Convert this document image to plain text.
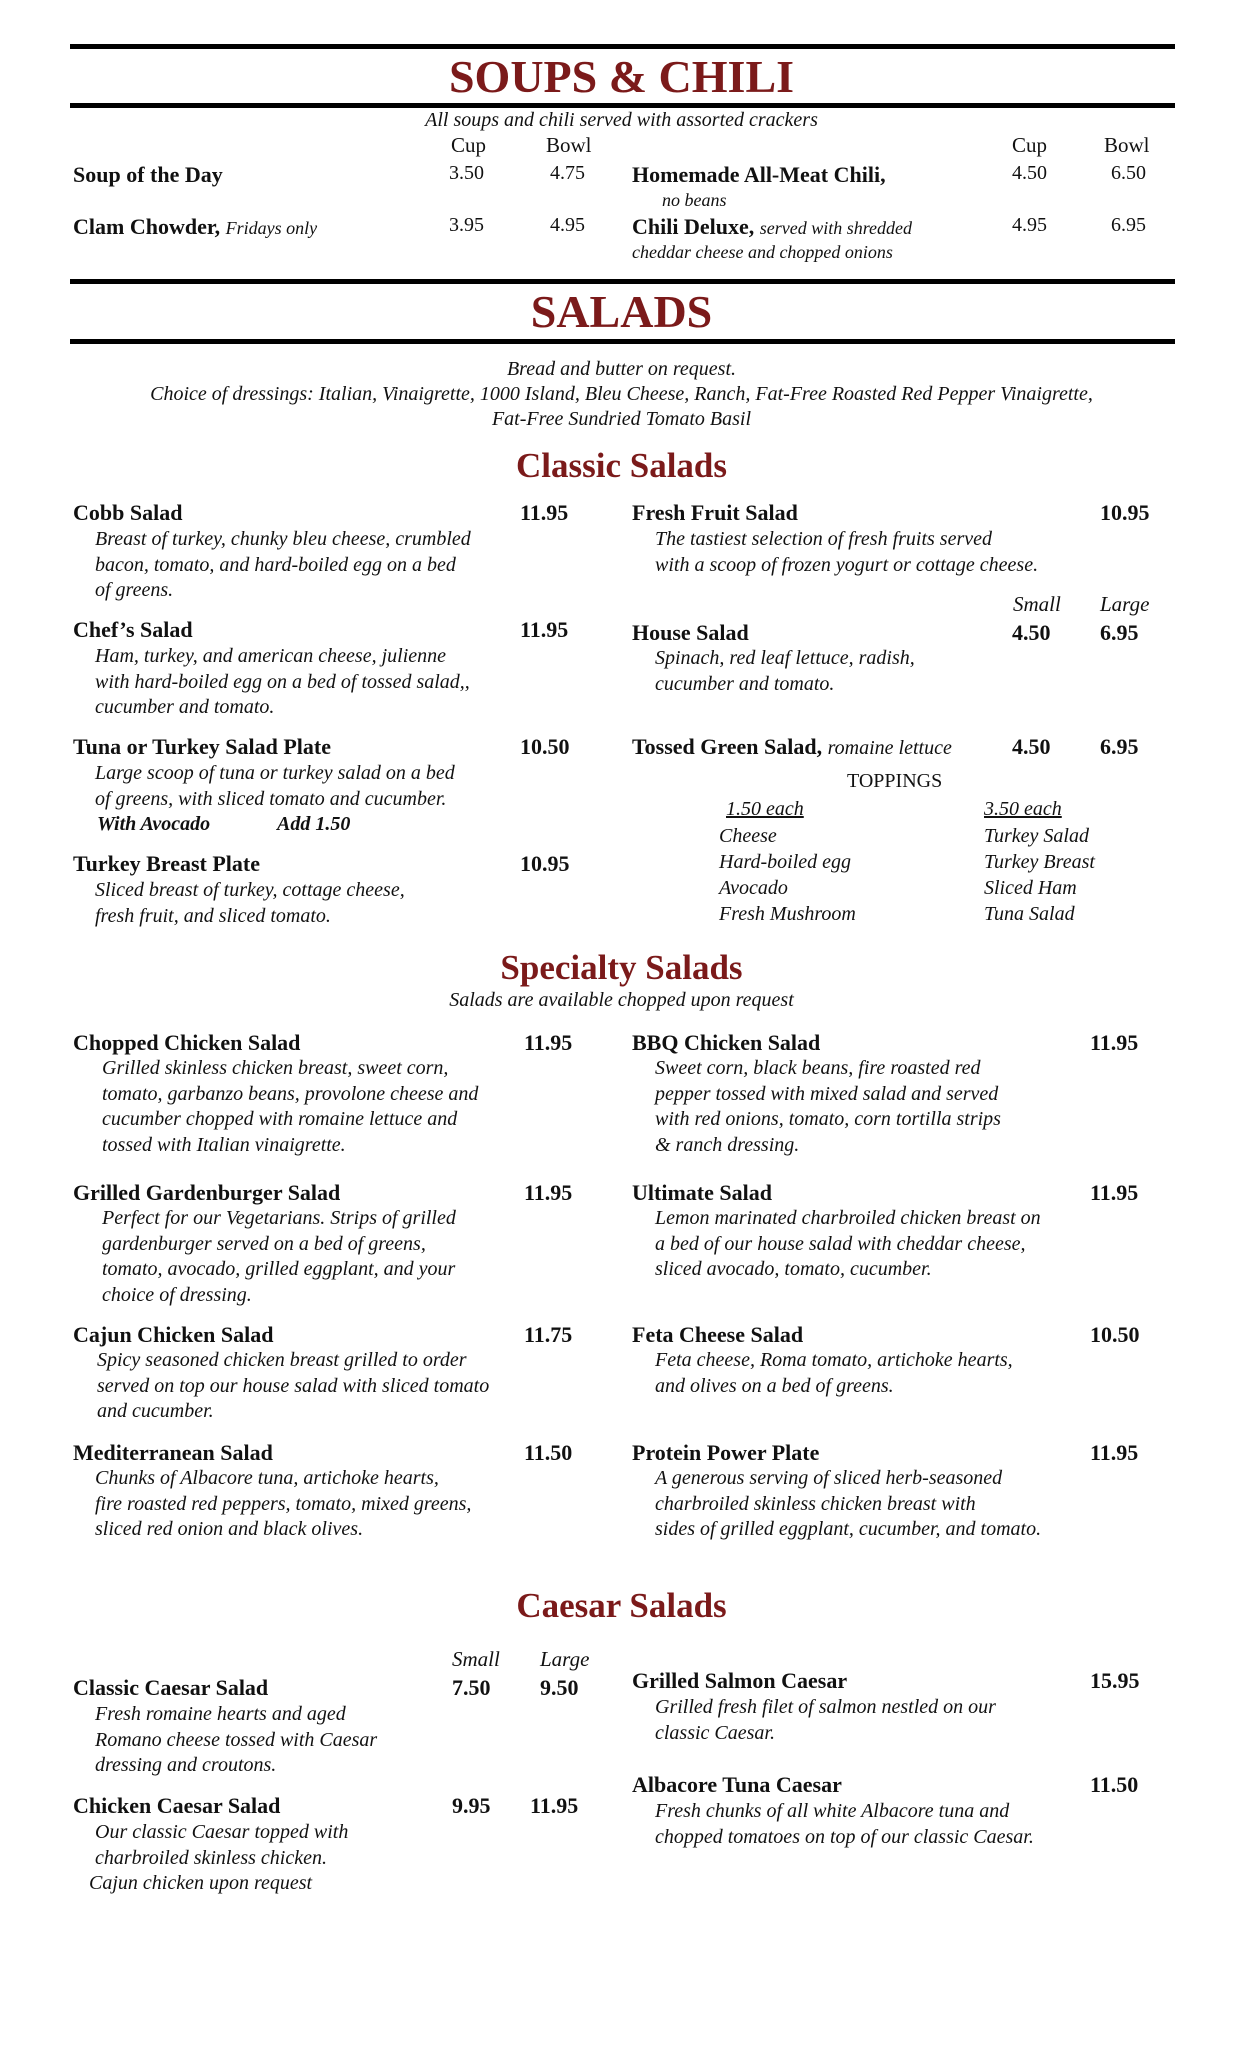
SOUPS & CHILI
All soups and chili served with assorted crackers
Cup	Bowl	Cup	Bowl
Soup of the Day	3.50	4.75
Clam Chowder, Fridays only	3.95	4.95
Homemade All-Meat Chili,
no beans
4.50	6.50
Chili Deluxe, served with shredded
cheddar cheese and chopped onions
4.95	6.95
SALADS
Bread and butter on request.
Choice of dressings: Italian, Vinaigrette, 1000 Island, Bleu Cheese, Ranch, Fat-Free Roasted Red Pepper Vinaigrette,
Fat-Free Sundried Tomato Basil
Classic Salads
Cobb Salad	11.95
Breast of turkey, chunky bleu cheese, crumbled
bacon, tomato, and hard-boiled egg on a bed
of greens.
Chef’s Salad	11.95
Ham, turkey, and american cheese, julienne
with hard-boiled egg on a bed of tossed salad,,
cucumber and tomato.
Tuna or Turkey Salad Plate	10.50
Large scoop of tuna or turkey salad on a bed
of greens, with sliced tomato and cucumber.
With Avocado	Add 1.50
Turkey Breast Plate	10.95
Sliced breast of turkey, cottage cheese,
fresh fruit, and sliced tomato.
Fresh Fruit Salad	10.95
The tastiest selection of fresh fruits served
with a scoop of frozen yogurt or cottage cheese.
Small Large
House Salad	4.50 6.95
Spinach, red leaf lettuce, radish,
cucumber and tomato.
Tossed Green Salad, romaine lettuce	4.50 6.95
TOPPINGS
1.50 each
Cheese
Hard-boiled egg
Avocado
Fresh Mushroom
3.50 each
Turkey Salad
Turkey Breast
Sliced Ham
Tuna Salad
Specialty Salads
Salads are available chopped upon request
Chopped Chicken Salad	11.95
Grilled skinless chicken breast, sweet corn,
tomato, garbanzo beans, provolone cheese and
cucumber chopped with romaine lettuce and
tossed with Italian vinaigrette.
Grilled Gardenburger Salad	11.95
Perfect for our Vegetarians. Strips of grilled
gardenburger served on a bed of greens,
tomato, avocado, grilled eggplant, and your
choice of dressing.
Cajun Chicken Salad	11.75
Spicy seasoned chicken breast grilled to order
served on top our house salad with sliced tomato
and cucumber.
Mediterranean Salad	11.50
Chunks of Albacore tuna, artichoke hearts,
fire roasted red peppers, tomato, mixed greens,
sliced red onion and black olives.
BBQ Chicken Salad	11.95
Sweet corn, black beans, fire roasted red
pepper tossed with mixed salad and served
with red onions, tomato, corn tortilla strips
& ranch dressing.
Ultimate Salad	11.95
Lemon marinated charbroiled chicken breast on
a bed of our house salad with cheddar cheese,
sliced avocado, tomato, cucumber.
Feta Cheese Salad	10.50
Feta cheese, Roma tomato, artichoke hearts,
and olives on a bed of greens.
Protein Power Plate	11.95
A generous serving of sliced herb-seasoned
charbroiled skinless chicken breast with
sides of grilled eggplant, cucumber, and tomato.
Caesar Salads
Small Large
Classic Caesar Salad	7.50 9.50
Fresh romaine hearts and aged
Romano cheese tossed with Caesar
dressing and croutons.
Chicken Caesar Salad	9.95 11.95
Our classic Caesar topped with
charbroiled skinless chicken.
Cajun chicken upon request
Grilled Salmon Caesar	15.95
Grilled fresh filet of salmon nestled on our
classic Caesar.
Albacore Tuna Caesar	11.50
Fresh chunks of all white Albacore tuna and
chopped tomatoes on top of our classic Caesar.
